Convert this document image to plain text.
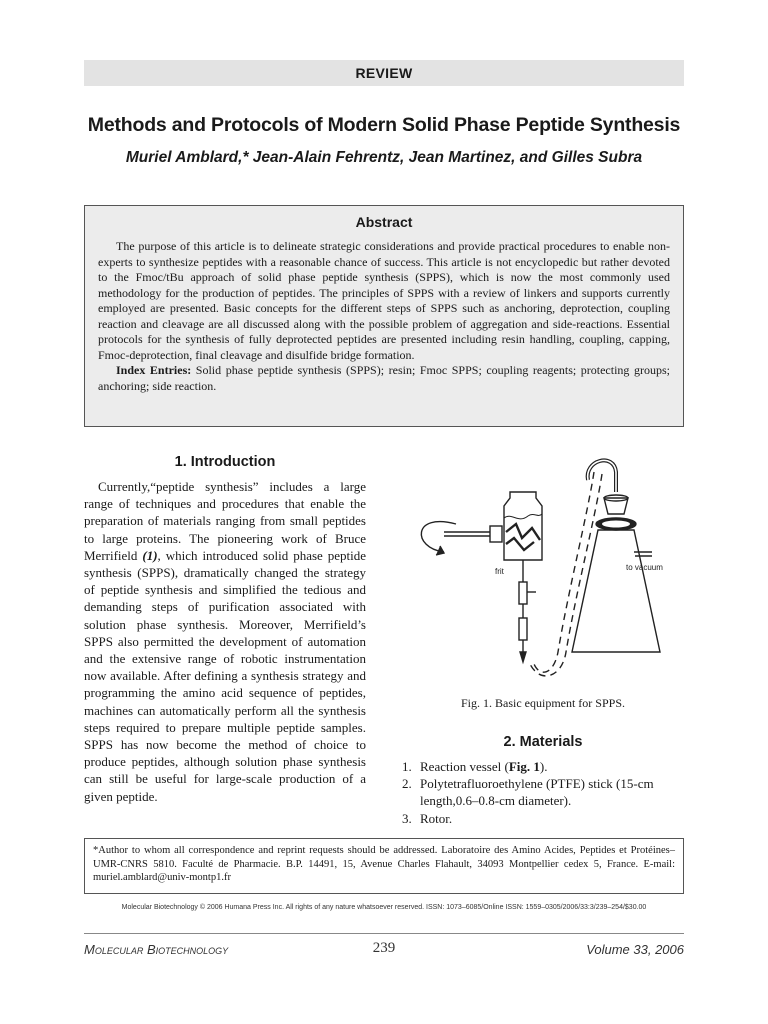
REVIEW
Methods and Protocols of Modern Solid Phase Peptide Synthesis
Muriel Amblard,* Jean-Alain Fehrentz, Jean Martinez, and Gilles Subra
Abstract

The purpose of this article is to delineate strategic considerations and provide practical procedures to enable non-experts to synthesize peptides with a reasonable chance of success. This article is not encyclopedic but rather devoted to the Fmoc/tBu approach of solid phase peptide synthesis (SPPS), which is now the most commonly used methodology for the production of peptides. The principles of SPPS with a review of linkers and supports currently employed are presented. Basic concepts for the different steps of SPPS such as anchoring, deprotection, coupling reaction and cleavage are all discussed along with the possible problem of aggregation and side-reactions. Essential protocols for the synthesis of fully deprotected peptides are presented including resin handling, coupling, capping, Fmoc-deprotection, final cleavage and disulfide bridge formation.

Index Entries: Solid phase peptide synthesis (SPPS); resin; Fmoc SPPS; coupling reagents; protecting groups; anchoring; side reaction.

1. Introduction

Currently,“peptide synthesis” includes a large range of techniques and procedures that enable the preparation of materials ranging from small peptides to large proteins. The pioneering work of Bruce Merrifield (1), which introduced solid phase peptide synthesis (SPPS), dramatically changed the strategy of peptide synthesis and simplified the tedious and demanding steps of purification associated with solution phase synthesis. Moreover, Merrifield’s SPPS also permitted the development of automation and the extensive range of robotic instrumentation now available. After defining a synthesis strategy and programming the amino acid sequence of peptides, machines can automatically perform all the synthesis steps required to prepare multiple peptide samples. SPPS has now become the method of choice to produce peptides, although solution phase synthesis can still be useful for large-scale production of a given peptide.

frit	to vacuum
Fig. 1. Basic equipment for SPPS.
2. Materials
1. Reaction vessel (Fig. 1).
2. Polytetrafluoroethylene (PTFE) stick (15-cm length,0.6–0.8-cm diameter).
3. Rotor.
*Author to whom all correspondence and reprint requests should be addressed. Laboratoire des Amino Acides, Peptides et Protéines–UMR-CNRS 5810. Faculté de Pharmacie. B.P. 14491, 15, Avenue Charles Flahault, 34093 Montpellier cedex 5, France. E-mail: muriel.amblard@univ-montp1.fr
Molecular Biotechnology © 2006 Humana Press Inc. All rights of any nature whatsoever reserved. ISSN: 1073–6085/Online ISSN: 1559–0305/2006/33:3/239–254/$30.00
Molecular Biotechnology	239	Volume 33, 2006
